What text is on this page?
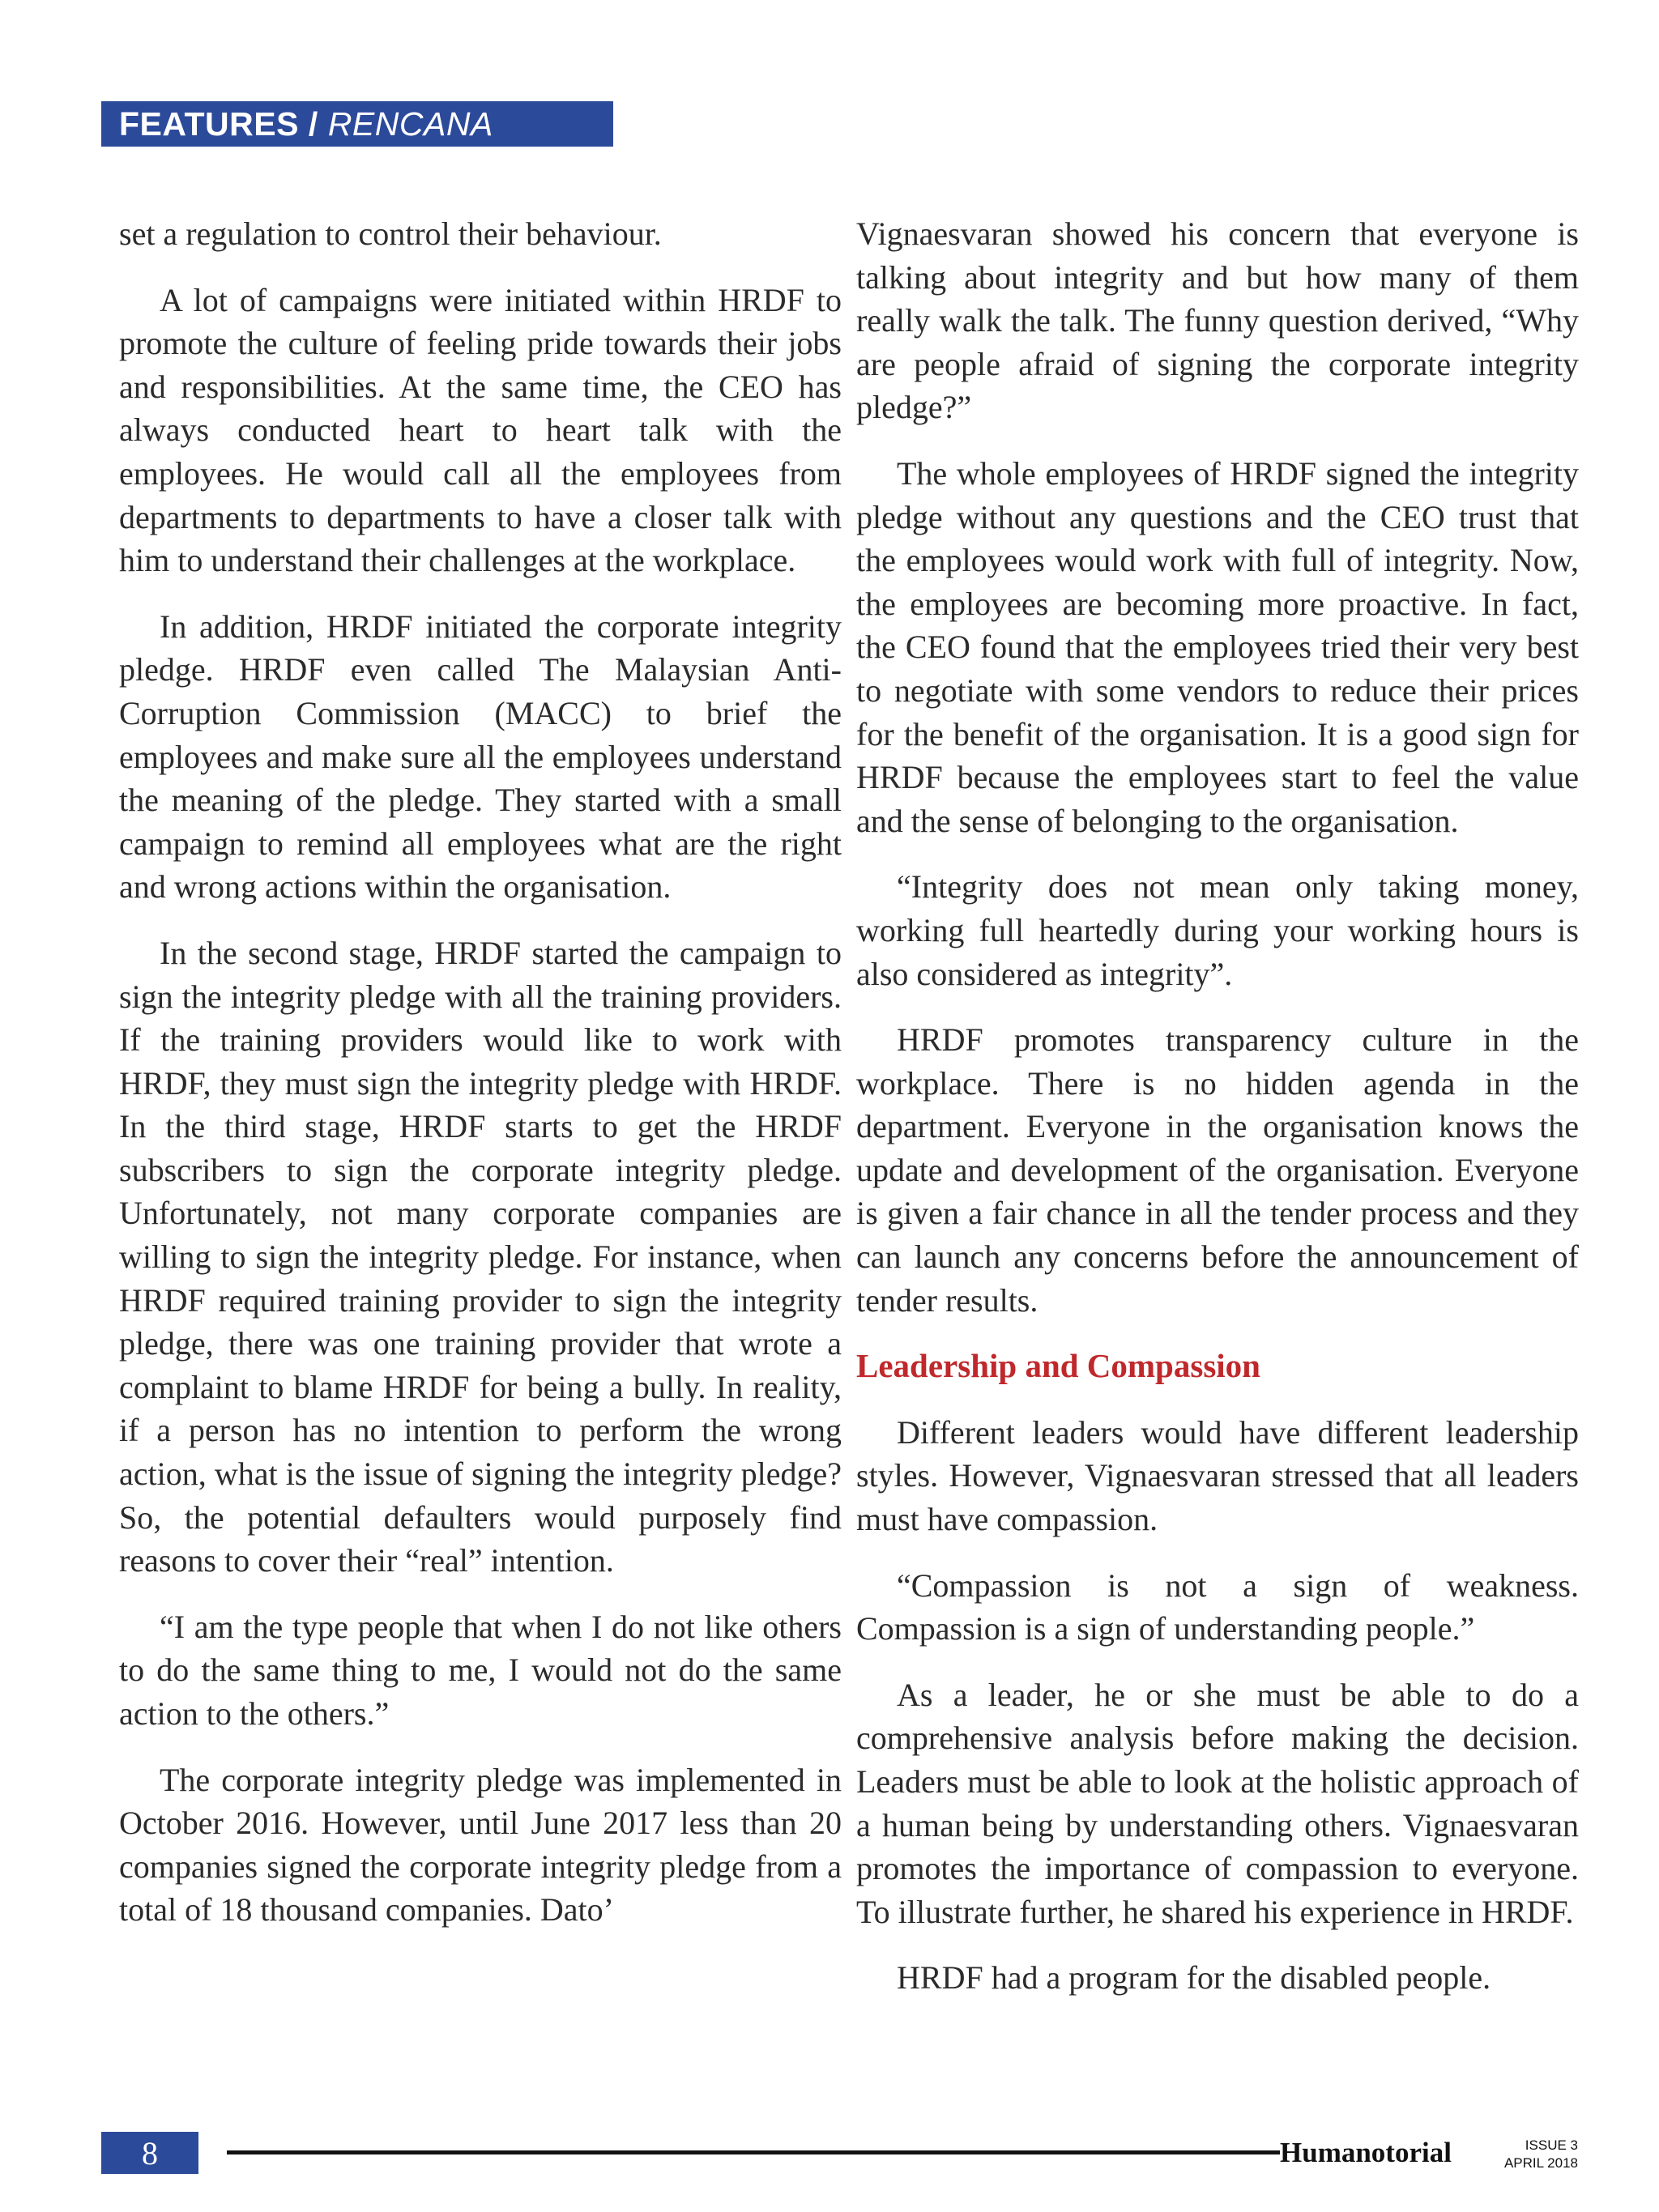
FEATURES / RENCANA

set a regulation to control their behaviour.

A lot of campaigns were initiated within HRDF to promote the culture of feeling pride towards their jobs and responsibilities. At the same time, the CEO has always conducted heart to heart talk with the employees. He would call all the employees from departments to departments to have a closer talk with him to understand their challenges at the workplace.

In addition, HRDF initiated the corporate integrity pledge. HRDF even called The Malaysian Anti-Corruption Commission (MACC) to brief the employees and make sure all the employees understand the meaning of the pledge. They started with a small campaign to remind all employees what are the right and wrong actions within the organisation.

In the second stage, HRDF started the campaign to sign the integrity pledge with all the training providers. If the training providers would like to work with HRDF, they must sign the integrity pledge with HRDF. In the third stage, HRDF starts to get the HRDF subscribers to sign the corporate integrity pledge. Unfortunately, not many corporate companies are willing to sign the integrity pledge. For instance, when HRDF required training provider to sign the integrity pledge, there was one training provider that wrote a complaint to blame HRDF for being a bully. In reality, if a person has no intention to perform the wrong action, what is the issue of signing the integrity pledge? So, the potential defaulters would purposely find reasons to cover their “real” intention.

“I am the type people that when I do not like others to do the same thing to me, I would not do the same action to the others.”

The corporate integrity pledge was implemented in October 2016. However, until June 2017 less than 20 companies signed the corporate integrity pledge from a total of 18 thousand companies. Dato’

Vignaesvaran showed his concern that everyone is talking about integrity and but how many of them really walk the talk. The funny question derived, “Why are people afraid of signing the corporate integrity pledge?”

The whole employees of HRDF signed the integrity pledge without any questions and the CEO trust that the employees would work with full of integrity. Now, the employees are becoming more proactive. In fact, the CEO found that the employees tried their very best to negotiate with some vendors to reduce their prices for the benefit of the organisation. It is a good sign for HRDF because the employees start to feel the value and the sense of belonging to the organisation.

“Integrity does not mean only taking money, working full heartedly during your working hours is also considered as integrity”.

HRDF promotes transparency culture in the workplace. There is no hidden agenda in the department. Everyone in the organisation knows the update and development of the organisation. Everyone is given a fair chance in all the tender process and they can launch any concerns before the announcement of tender results.

Leadership and Compassion

Different leaders would have different leadership styles. However, Vignaesvaran stressed that all leaders must have compassion.

“Compassion is not a sign of weakness. Compassion is a sign of understanding people.”

As a leader, he or she must be able to do a comprehensive analysis before making the decision. Leaders must be able to look at the holistic approach of a human being by understanding others. Vignaesvaran promotes the importance of compassion to everyone. To illustrate further, he shared his experience in HRDF.

HRDF had a program for the disabled people.

8	Humanotorial	ISSUE 3
APRIL 2018
